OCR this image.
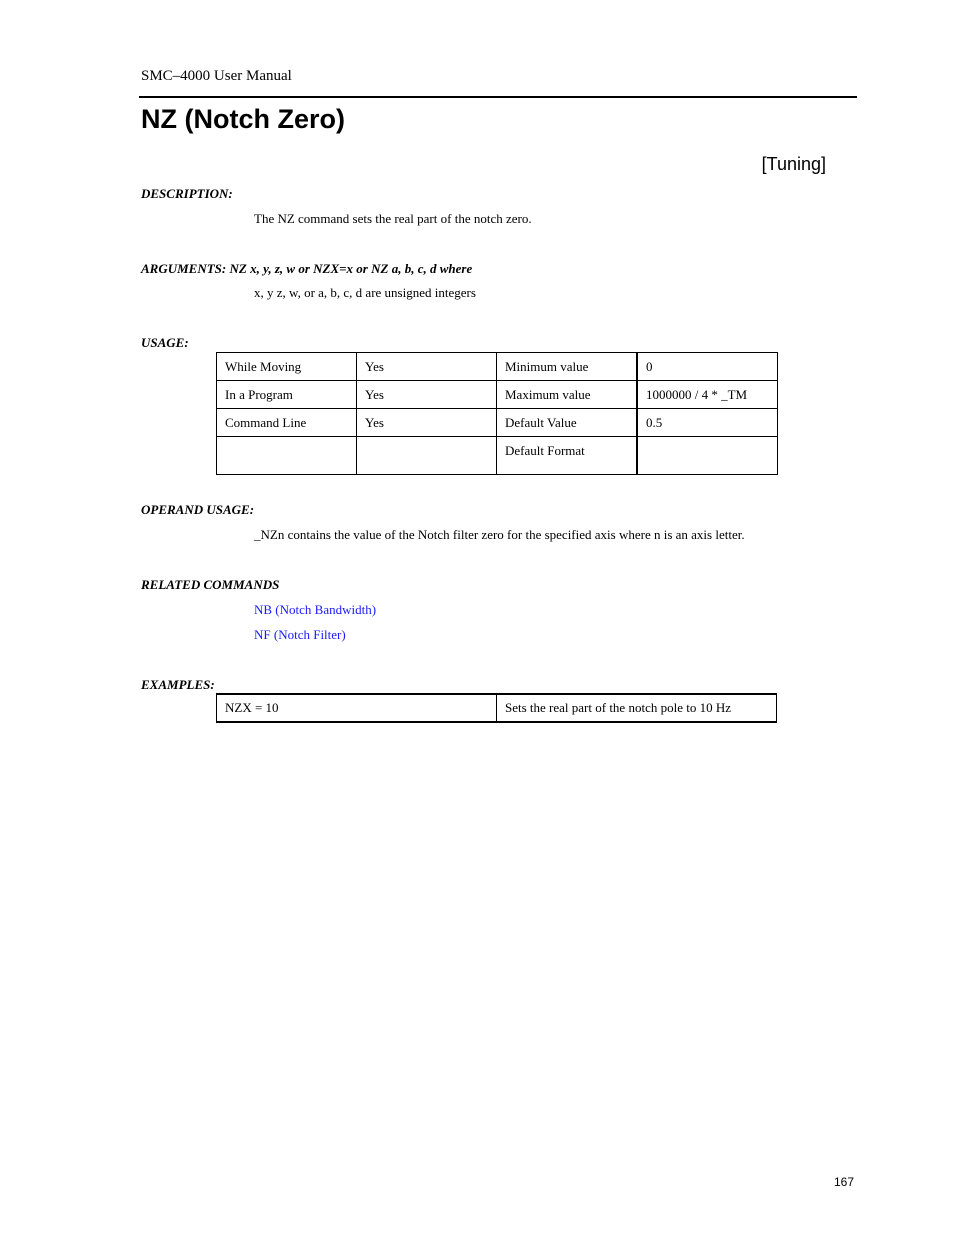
SMC–4000 User Manual
NZ (Notch Zero)
[Tuning]
DESCRIPTION:
The NZ command sets the real part of the notch zero.
ARGUMENTS: NZ x, y, z, w or NZX=x or NZ a, b, c, d where
x, y z, w, or a, b, c, d are unsigned integers
USAGE:
While Moving	Yes	Minimum value	0
In a Program	Yes	Maximum value	1000000 / 4 * _TM
Command Line	Yes	Default Value	0.5
		Default Format	
OPERAND USAGE:
_NZn contains the value of the Notch filter zero for the specified axis where n is an axis letter.
RELATED COMMANDS
NB (Notch Bandwidth)
NF (Notch Filter)
EXAMPLES:
NZX = 10	Sets the real part of the notch pole to 10 Hz
167
